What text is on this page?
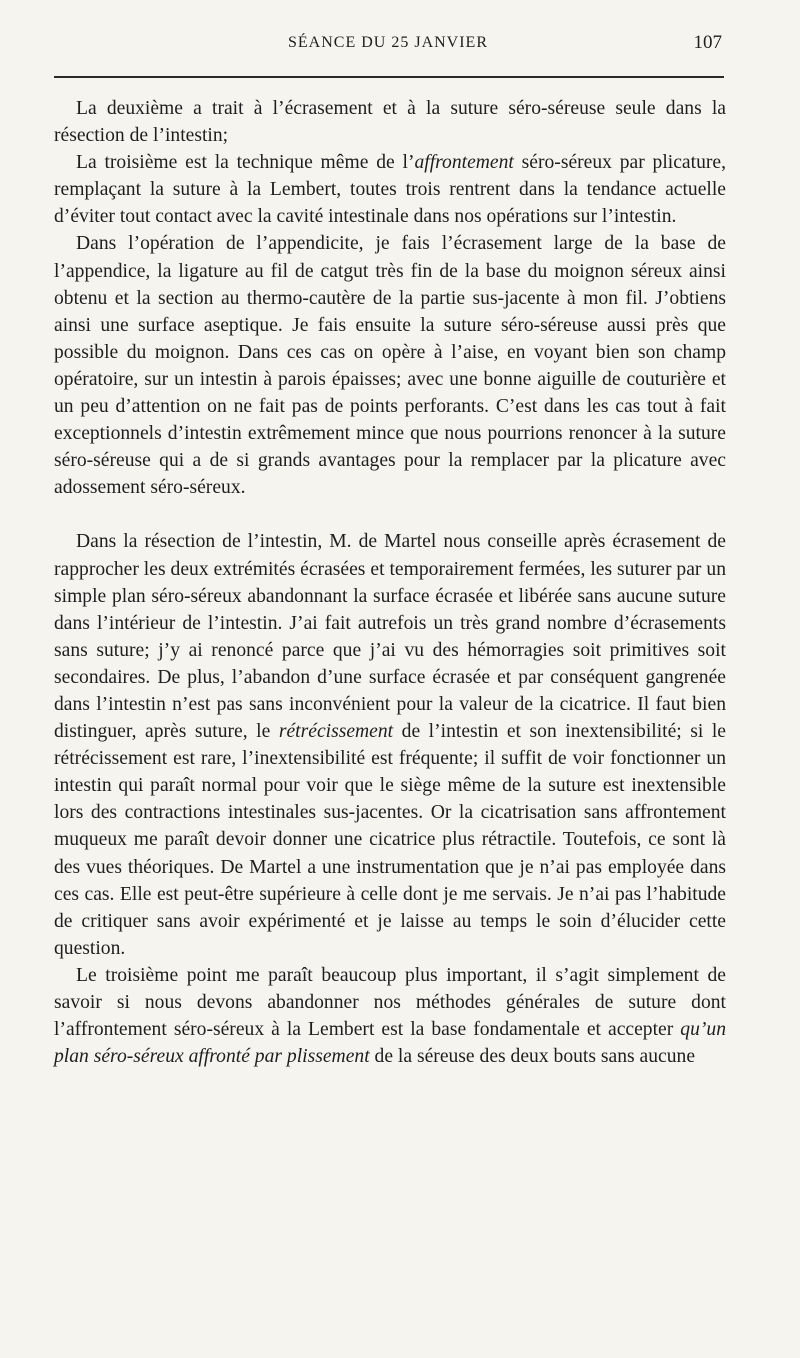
SÉANCE DU 25 JANVIER	107

La deuxième a trait à l’écrasement et à la suture séro-séreuse seule dans la résection de l’intestin;

La troisième est la technique même de l’affrontement séro-séreux par plicature, remplaçant la suture à la Lembert, toutes trois rentrent dans la tendance actuelle d’éviter tout contact avec la cavité intestinale dans nos opérations sur l’intestin.

Dans l’opération de l’appendicite, je fais l’écrasement large de la base de l’appendice, la ligature au fil de catgut très fin de la base du moignon séreux ainsi obtenu et la section au thermo-cautère de la partie sus-jacente à mon fil. J’obtiens ainsi une surface aseptique. Je fais ensuite la suture séro-séreuse aussi près que possible du moignon. Dans ces cas on opère à l’aise, en voyant bien son champ opératoire, sur un intestin à parois épaisses; avec une bonne aiguille de couturière et un peu d’attention on ne fait pas de points perforants. C’est dans les cas tout à fait exceptionnels d’intestin extrêmement mince que nous pourrions renoncer à la suture séro-séreuse qui a de si grands avantages pour la remplacer par la plicature avec adossement séro-séreux.

Dans la résection de l’intestin, M. de Martel nous conseille après écrasement de rapprocher les deux extrémités écrasées et temporairement fermées, les suturer par un simple plan séro-séreux abandonnant la surface écrasée et libérée sans aucune suture dans l’intérieur de l’intestin. J’ai fait autrefois un très grand nombre d’écrasements sans suture; j’y ai renoncé parce que j’ai vu des hémorragies soit primitives soit secondaires. De plus, l’abandon d’une surface écrasée et par conséquent gangrenée dans l’intestin n’est pas sans inconvénient pour la valeur de la cicatrice. Il faut bien distinguer, après suture, le rétrécissement de l’intestin et son inextensibilité; si le rétrécissement est rare, l’inextensibilité est fréquente; il suffit de voir fonctionner un intestin qui paraît normal pour voir que le siège même de la suture est inextensible lors des contractions intestinales sus-jacentes. Or la cicatrisation sans affrontement muqueux me paraît devoir donner une cicatrice plus rétractile. Toutefois, ce sont là des vues théoriques. De Martel a une instrumentation que je n’ai pas employée dans ces cas. Elle est peut-être supérieure à celle dont je me servais. Je n’ai pas l’habitude de critiquer sans avoir expérimenté et je laisse au temps le soin d’élucider cette question.

Le troisième point me paraît beaucoup plus important, il s’agit simplement de savoir si nous devons abandonner nos méthodes générales de suture dont l’affrontement séro-séreux à la Lembert est la base fondamentale et accepter qu’un plan séro-séreux affronté par plissement de la séreuse des deux bouts sans aucune
